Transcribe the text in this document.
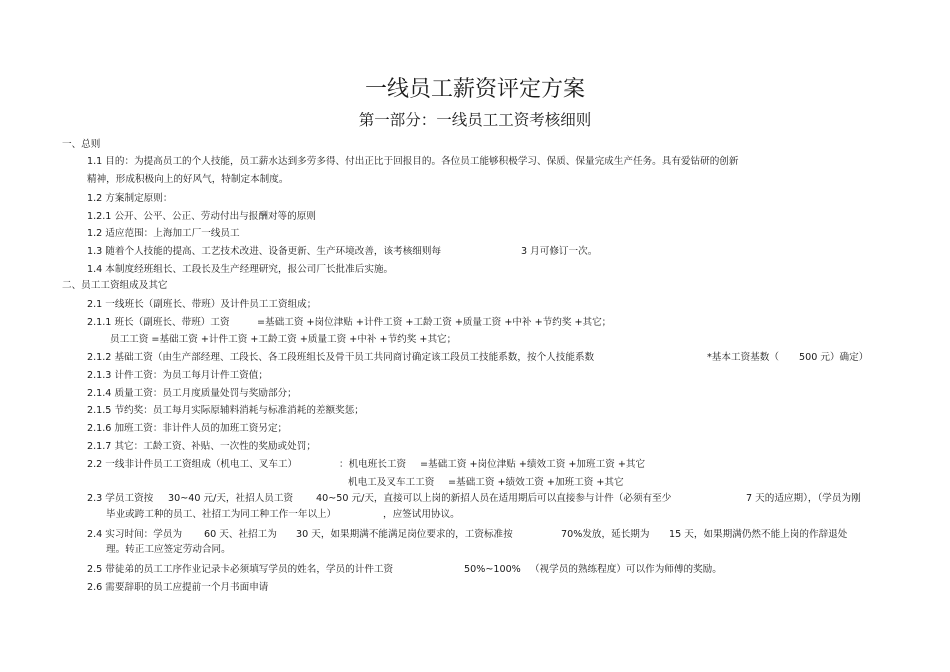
一线员工薪资评定方案
第一部分：一线员工工资考核细则
一、总则
1.1 目的：为提高员工的个人技能，员工薪水达到多劳多得、付出正比于回报目的。各位员工能够积极学习、保质、保量完成生产任务。具有爱钻研的创新
精神，形成积极向上的好风气，特制定本制度。
1.2 方案制定原则：
1.2.1 公开、公平、公正、劳动付出与报酬对等的原则
1.2 适应范围：上海加工厂一线员工
1.3 随着个人技能的提高、工艺技术改进、设备更新、生产环境改善，该考核细则每	3 月可修订一次。
1.4 本制度经班组长、工段长及生产经理研究，报公司厂长批准后实施。
二、员工工资组成及其它
2.1 一线班长（副班长、带班）及计件员工工资组成；
2.1.1 班长（副班长、带班）工资	=基础工资 +岗位津贴 +计件工资 +工龄工资 +质量工资 +中补 +节约奖 +其它；
员工工资 =基础工资 +计件工资 +工龄工资 +质量工资 +中补 +节约奖 +其它；
2.1.2 基础工资（由生产部经理、工段长、各工段班组长及骨干员工共同商讨确定该工段员工技能系数，按个人技能系数	*基本工资基数（ 500 元）确定）
2.1.3 计件工资：为员工每月计件工资值；
2.1.4 质量工资：员工月度质量处罚与奖励部分；
2.1.5 节约奖：员工每月实际原辅料消耗与标准消耗的差额奖惩；
2.1.6 加班工资：非计件人员的加班工资另定；
2.1.7 其它：工龄工资、补贴、一次性的奖励或处罚；
2.2 一线非计件员工工资组成（机电工、叉车工）	：机电班长工资 =基础工资 +岗位津贴 +绩效工资 +加班工资 +其它
机电工及叉车工工资 =基础工资 +绩效工资 +加班工资 +其它
2.3 学员工资按 30~40 元/天，社招人员工资 40~50 元/天，直接可以上岗的新招人员在适用期后可以直接参与计件（必须有至少	7 天的适应期），（学员为刚
毕业或跨工种的员工、社招工为同工种工作一年以上）	，应签试用协议。
2.4 实习时间：学员为 60 天、社招工为 30 天，如果期满不能满足岗位要求的，工资标准按	70%发放，延长期为 15 天，如果期满仍然不能上岗的作辞退处
理。转正工应签定劳动合同。
2.5 带徒弟的员工工序作业记录卡必须填写学员的姓名，学员的计件工资	50%~100% （视学员的熟练程度）可以作为师傅的奖励。
2.6 需要辞职的员工应提前一个月书面申请
